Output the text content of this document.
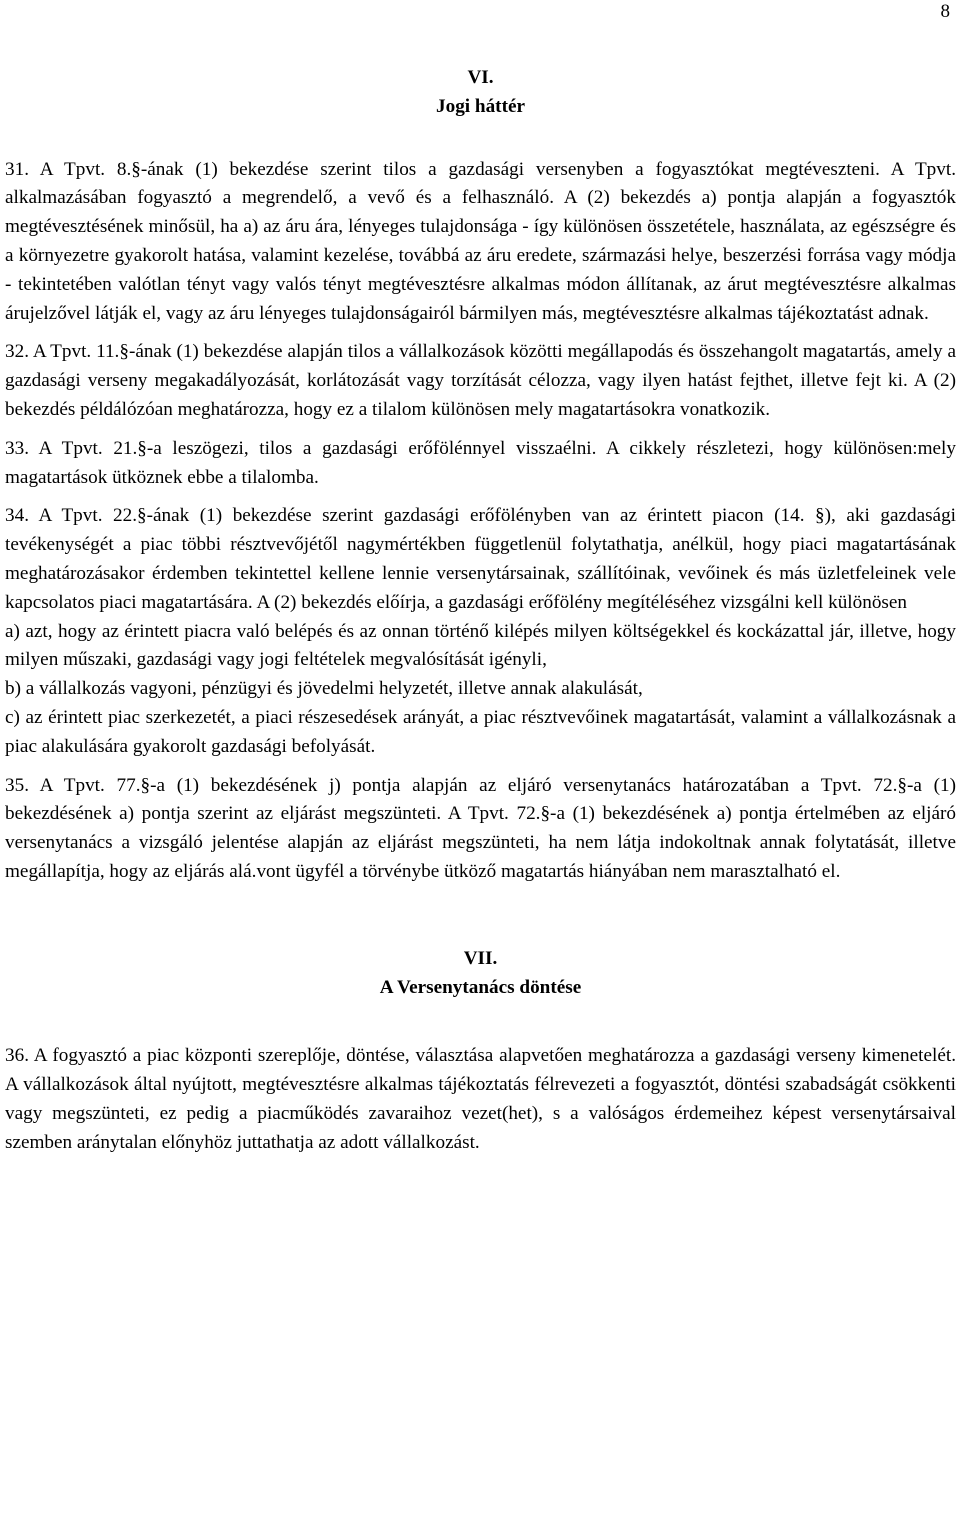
8
VI.
Jogi háttér

31. A Tpvt. 8.§-ának (1) bekezdése szerint tilos a gazdasági versenyben a fogyasztókat megtéveszteni. A Tpvt. alkalmazásában fogyasztó a megrendelő, a vevő és a felhasználó. A (2) bekezdés a) pontja alapján a fogyasztók megtévesztésének minősül, ha a) az áru ára, lényeges tulajdonsága - így különösen összetétele, használata, az egészségre és a környezetre gyakorolt hatása, valamint kezelése, továbbá az áru eredete, származási helye, beszerzési forrása vagy módja - tekintetében valótlan tényt vagy valós tényt megtévesztésre alkalmas módon állítanak, az árut megtévesztésre alkalmas árujelzővel látják el, vagy az áru lényeges tulajdonságairól bármilyen más, megtévesztésre alkalmas tájékoztatást adnak.

32. A Tpvt. 11.§-ának (1) bekezdése alapján tilos a vállalkozások közötti megállapodás és összehangolt magatartás, amely a gazdasági verseny megakadályozását, korlátozását vagy torzítását célozza, vagy ilyen hatást fejthet, illetve fejt ki. A (2) bekezdés példálózóan meghatározza, hogy ez a tilalom különösen mely magatartásokra vonatkozik.

33. A Tpvt. 21.§-a leszögezi, tilos a gazdasági erőfölénnyel visszaélni. A cikkely részletezi, hogy különösen:mely magatartások ütköznek ebbe a tilalomba.

34. A Tpvt. 22.§-ának (1) bekezdése szerint gazdasági erőfölényben van az érintett piacon (14. §), aki gazdasági tevékenységét a piac többi résztvevőjétől nagymértékben függetlenül folytathatja, anélkül, hogy piaci magatartásának meghatározásakor érdemben tekintettel kellene lennie versenytársainak, szállítóinak, vevőinek és más üzletfeleinek vele kapcsolatos piaci magatartására. A (2) bekezdés előírja, a gazdasági erőfölény megítéléséhez vizsgálni kell különösen

a) azt, hogy az érintett piacra való belépés és az onnan történő kilépés milyen költségekkel és kockázattal jár, illetve, hogy milyen műszaki, gazdasági vagy jogi feltételek megvalósítását igényli,

b) a vállalkozás vagyoni, pénzügyi és jövedelmi helyzetét, illetve annak alakulását,

c) az érintett piac szerkezetét, a piaci részesedések arányát, a piac résztvevőinek magatartását, valamint a vállalkozásnak a piac alakulására gyakorolt gazdasági befolyását.

35. A Tpvt. 77.§-a (1) bekezdésének j) pontja alapján az eljáró versenytanács határozatában a Tpvt. 72.§-a (1) bekezdésének a) pontja szerint az eljárást megszünteti. A Tpvt. 72.§-a (1) bekezdésének a) pontja értelmében az eljáró versenytanács a vizsgáló jelentése alapján az eljárást megszünteti, ha nem látja indokoltnak annak folytatását, illetve megállapítja, hogy az eljárás alá.vont ügyfél a törvénybe ütköző magatartás hiányában nem marasztalható el.

VII.
A Versenytanács döntése

36. A fogyasztó a piac központi szereplője, döntése, választása alapvetően meghatározza a gazdasági verseny kimenetelét. A vállalkozások által nyújtott, megtévesztésre alkalmas tájékoztatás félrevezeti a fogyasztót, döntési szabadságát csökkenti vagy megszünteti, ez pedig a piacműködés zavaraihoz vezet(het), s a valóságos érdemeihez képest versenytársaival szemben aránytalan előnyhöz juttathatja az adott vállalkozást.
